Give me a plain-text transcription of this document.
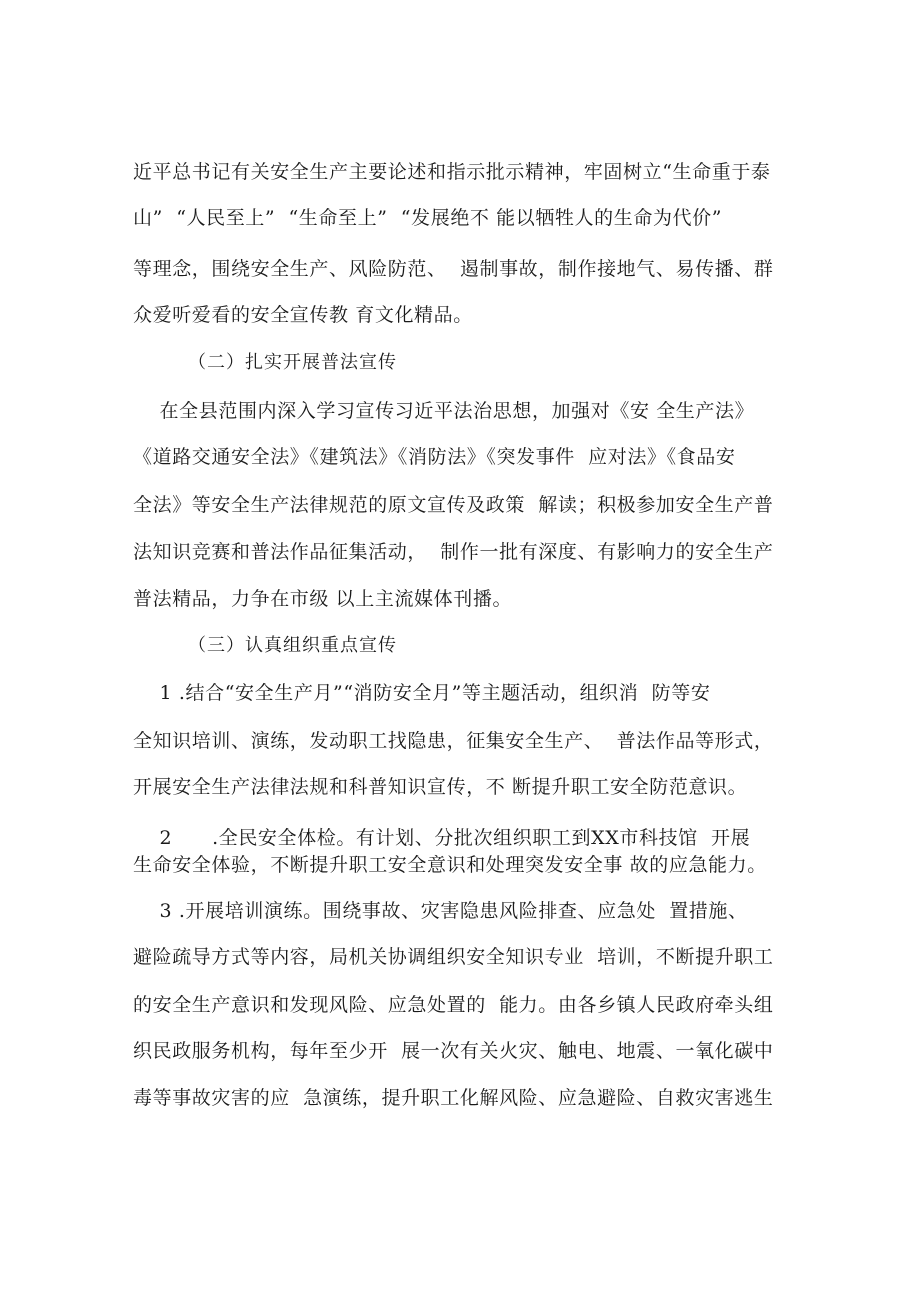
近平总书记有关安全生产主要论述和指示批示精神，牢固树立“生命重于泰
山”  “人民至上”  “生命至上”  “发展绝不 能以牺牲人的生命为代价”
等理念，围绕安全生产、风险防范、  遏制事故，制作接地气、易传播、群
众爱听爱看的安全宣传教 育文化精品。
（二）扎实开展普法宣传
在全县范围内深入学习宣传习近平法治思想，加强对《安 全生产法》
《道路交通安全法》《建筑法》《消防法》《突发事件  应对法》《食品安
全法》等安全生产法律规范的原文宣传及政策  解读；积极参加安全生产普
法知识竞赛和普法作品征集活动，  制作一批有深度、有影响力的安全生产
普法精品，力争在市级 以上主流媒体刊播。
（三）认真组织重点宣传
1 .结合“安全生产月”“消防安全月”等主题活动，组织消  防等安
全知识培训、演练，发动职工找隐患，征集安全生产、  普法作品等形式，
开展安全生产法律法规和科普知识宣传，不 断提升职工安全防范意识。
2      .全民安全体检。有计划、分批次组织职工到XX市科技馆  开展
生命安全体验，不断提升职工安全意识和处理突发安全事 故的应急能力。
3 .开展培训演练。围绕事故、灾害隐患风险排查、应急处  置措施、
避险疏导方式等内容，局机关协调组织安全知识专业  培训，不断提升职工
的安全生产意识和发现风险、应急处置的  能力。由各乡镇人民政府牵头组
织民政服务机构，每年至少开  展一次有关火灾、触电、地震、一氧化碳中
毒等事故灾害的应  急演练，提升职工化解风险、应急避险、自救灾害逃生
